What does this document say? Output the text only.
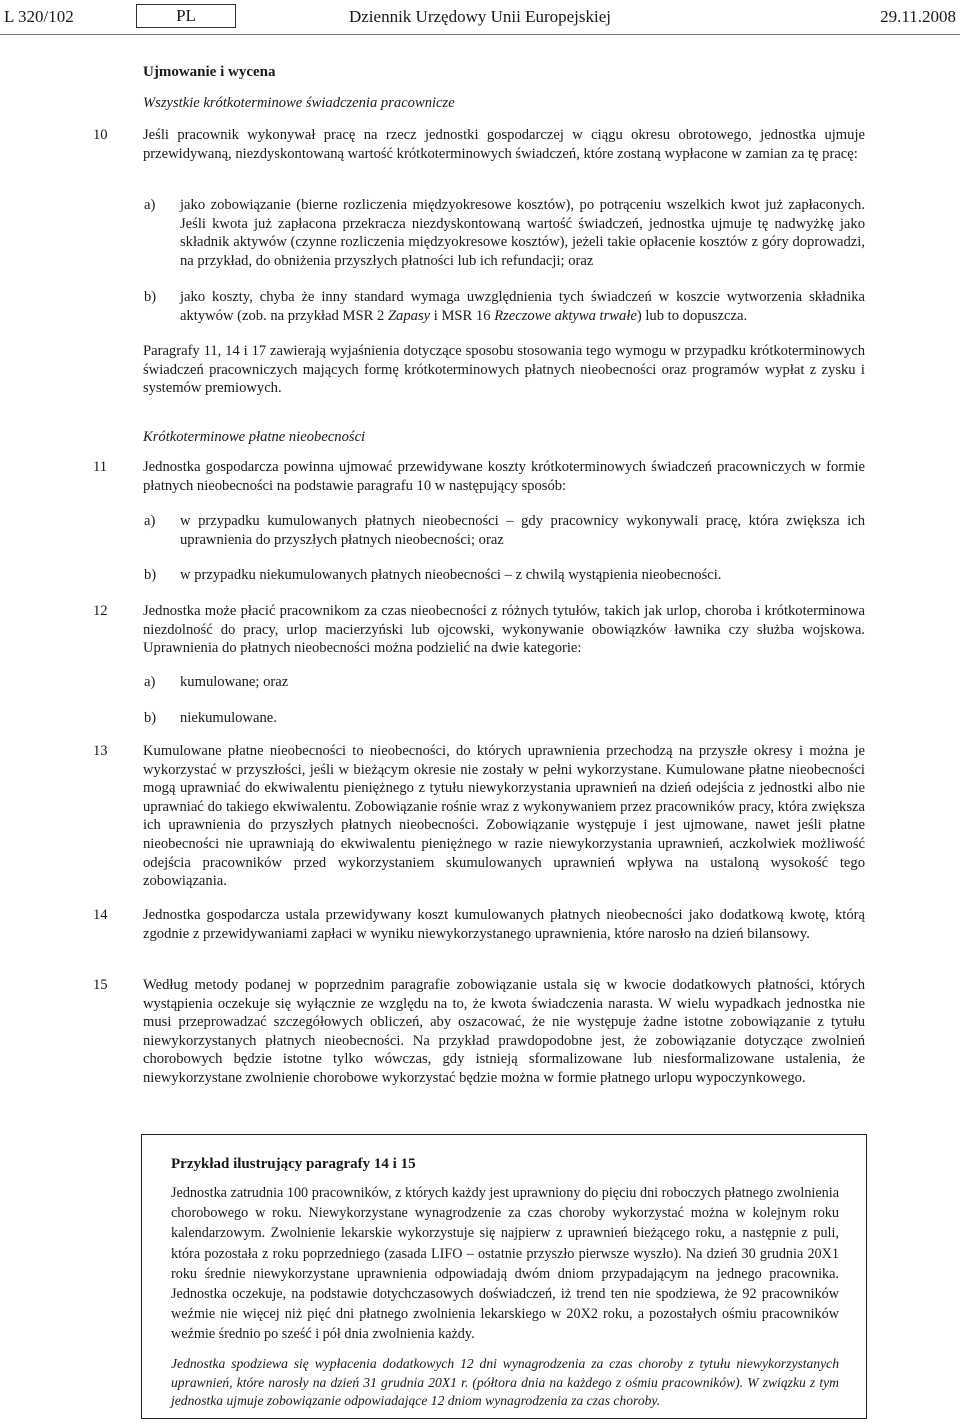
L 320/102	PL	Dziennik Urzędowy Unii Europejskiej	29.11.2008
Ujmowanie i wycena
Wszystkie krótkoterminowe świadczenia pracownicze
10 Jeśli pracownik wykonywał pracę na rzecz jednostki gospodarczej w ciągu okresu obrotowego, jednostka ujmuje przewidywaną, niezdyskontowaną wartość krótkoterminowych świadczeń, które zostaną wypłacone w zamian za tę pracę:
a) jako zobowiązanie (bierne rozliczenia międzyokresowe kosztów), po potrąceniu wszelkich kwot już zapłaconych. Jeśli kwota już zapłacona przekracza niezdyskontowaną wartość świadczeń, jednostka ujmuje tę nadwyżkę jako składnik aktywów (czynne rozliczenia międzyokresowe kosztów), jeżeli takie opłacenie kosztów z góry doprowadzi, na przykład, do obniżenia przyszłych płatności lub ich refundacji; oraz
b) jako koszty, chyba że inny standard wymaga uwzględnienia tych świadczeń w koszcie wytworzenia składnika aktywów (zob. na przykład MSR 2 Zapasy i MSR 16 Rzeczowe aktywa trwałe) lub to dopuszcza.
Paragrafy 11, 14 i 17 zawierają wyjaśnienia dotyczące sposobu stosowania tego wymogu w przypadku krótkoterminowych świadczeń pracowniczych mających formę krótkoterminowych płatnych nieobecności oraz programów wypłat z zysku i systemów premiowych.
Krótkoterminowe płatne nieobecności
11 Jednostka gospodarcza powinna ujmować przewidywane koszty krótkoterminowych świadczeń pracowniczych w formie płatnych nieobecności na podstawie paragrafu 10 w następujący sposób:
a) w przypadku kumulowanych płatnych nieobecności – gdy pracownicy wykonywali pracę, która zwiększa ich uprawnienia do przyszłych płatnych nieobecności; oraz
b) w przypadku niekumulowanych płatnych nieobecności – z chwilą wystąpienia nieobecności.
12 Jednostka może płacić pracownikom za czas nieobecności z różnych tytułów, takich jak urlop, choroba i krótkoterminowa niezdolność do pracy, urlop macierzyński lub ojcowski, wykonywanie obowiązków ławnika czy służba wojskowa. Uprawnienia do płatnych nieobecności można podzielić na dwie kategorie:
a) kumulowane; oraz
b) niekumulowane.
13 Kumulowane płatne nieobecności to nieobecności, do których uprawnienia przechodzą na przyszłe okresy i można je wykorzystać w przyszłości, jeśli w bieżącym okresie nie zostały w pełni wykorzystane. Kumulowane płatne nieobecności mogą uprawniać do ekwiwalentu pieniężnego z tytułu niewykorzystania uprawnień na dzień odejścia z jednostki albo nie uprawniać do takiego ekwiwalentu. Zobowiązanie rośnie wraz z wykonywaniem przez pracowników pracy, która zwiększa ich uprawnienia do przyszłych płatnych nieobecności. Zobowiązanie występuje i jest ujmowane, nawet jeśli płatne nieobecności nie uprawniają do ekwiwalentu pieniężnego w razie niewykorzystania uprawnień, aczkolwiek możliwość odejścia pracowników przed wykorzystaniem skumulowanych uprawnień wpływa na ustaloną wysokość tego zobowiązania.
14 Jednostka gospodarcza ustala przewidywany koszt kumulowanych płatnych nieobecności jako dodatkową kwotę, którą zgodnie z przewidywaniami zapłaci w wyniku niewykorzystanego uprawnienia, które narosło na dzień bilansowy.
15 Według metody podanej w poprzednim paragrafie zobowiązanie ustala się w kwocie dodatkowych płatności, których wystąpienia oczekuje się wyłącznie ze względu na to, że kwota świadczenia narasta. W wielu wypadkach jednostka nie musi przeprowadzać szczegółowych obliczeń, aby oszacować, że nie występuje żadne istotne zobowiązanie z tytułu niewykorzystanych płatnych nieobecności. Na przykład prawdopodobne jest, że zobowiązanie dotyczące zwolnień chorobowych będzie istotne tylko wówczas, gdy istnieją sformalizowane lub niesformalizowane ustalenia, że niewykorzystane zwolnienie chorobowe wykorzystać będzie można w formie płatnego urlopu wypoczynkowego.
Przykład ilustrujący paragrafy 14 i 15
Jednostka zatrudnia 100 pracowników, z których każdy jest uprawniony do pięciu dni roboczych płatnego zwolnienia chorobowego w roku. Niewykorzystane wynagrodzenie za czas choroby wykorzystać można w kolejnym roku kalendarzowym. Zwolnienie lekarskie wykorzystuje się najpierw z uprawnień bieżącego roku, a następnie z puli, która pozostała z roku poprzedniego (zasada LIFO – ostatnie przyszło pierwsze wyszło). Na dzień 30 grudnia 20X1 roku średnie niewykorzystane uprawnienia odpowiadają dwóm dniom przypadającym na jednego pracownika. Jednostka oczekuje, na podstawie dotychczasowych doświadczeń, iż trend ten nie spodziewa, że 92 pracowników weźmie nie więcej niż pięć dni płatnego zwolnienia lekarskiego w 20X2 roku, a pozostałych ośmiu pracowników weźmie średnio po sześć i pół dnia zwolnienia każdy.
Jednostka spodziewa się wypłacenia dodatkowych 12 dni wynagrodzenia za czas choroby z tytułu niewykorzystanych uprawnień, które narosły na dzień 31 grudnia 20X1 r. (półtora dnia na każdego z ośmiu pracowników). W związku z tym jednostka ujmuje zobowiązanie odpowiadające 12 dniom wynagrodzenia za czas choroby.
